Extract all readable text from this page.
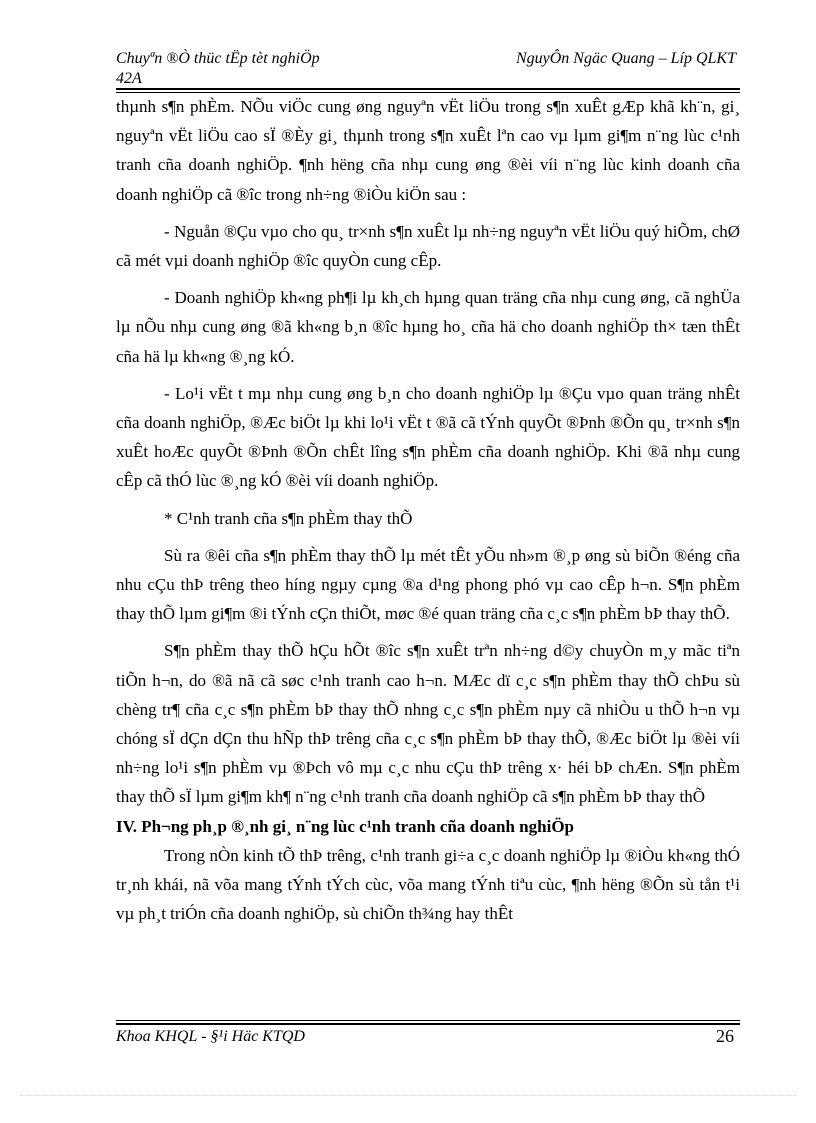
Chuyªn ®Ò thüc tËp tèt nghiÖp	NguyÔn Ngäc Quang – Líp QLKT
42A

thµnh s¶n phÈm. NÕu viÖc cung øng nguyªn vËt liÖu trong s¶n xuÊt gÆp khã kh¨n, gi¸ nguyªn vËt liÖu cao sÏ ®Èy gi¸ thµnh trong s¶n xuÊt lªn cao vµ lµm gi¶m n¨ng lùc c¹nh tranh cña doanh nghiÖp. ¶nh hëng cña nhµ cung øng ®èi víi n¨ng lùc kinh doanh cña doanh nghiÖp cã ®îc trong nh÷ng ®iÒu kiÖn sau :

- Nguån ®Çu vµo cho qu¸ tr×nh s¶n xuÊt lµ nh÷ng nguyªn vËt liÖu quý hiÕm, chØ cã mét vµi doanh nghiÖp ®îc quyÒn cung cÊp.

- Doanh nghiÖp kh«ng ph¶i lµ kh¸ch hµng quan träng cña nhµ cung øng, cã nghÜa lµ nÕu nhµ cung øng ®ã kh«ng b¸n ®îc hµng ho¸ cña hä cho doanh nghiÖp th× tæn thÊt cña hä lµ kh«ng ®¸ng kÓ.

- Lo¹i vËt t mµ nhµ cung øng b¸n cho doanh nghiÖp lµ ®Çu vµo quan träng nhÊt cña doanh nghiÖp, ®Æc biÖt lµ khi lo¹i vËt t ®ã cã tÝnh quyÕt ®Þnh ®Õn qu¸ tr×nh s¶n xuÊt hoÆc quyÕt ®Þnh ®Õn chÊt lîng s¶n phÈm cña doanh nghiÖp. Khi ®ã nhµ cung cÊp cã thÓ lùc ®¸ng kÓ ®èi víi doanh nghiÖp.

* C¹nh tranh cña s¶n phÈm thay thÕ

Sù ra ®êi cña s¶n phÈm thay thÕ lµ mét tÊt yÕu nh»m ®¸p øng sù biÕn ®éng cña nhu cÇu thÞ trêng theo híng ngµy cµng ®a d¹ng phong phó vµ cao cÊp h¬n. S¶n phÈm thay thÕ lµm gi¶m ®i tÝnh cÇn thiÕt, møc ®é quan träng cña c¸c s¶n phÈm bÞ thay thÕ.

S¶n phÈm thay thÕ hÇu hÕt ®îc s¶n xuÊt trªn nh÷ng d©y chuyÒn m¸y mãc tiªn tiÕn h¬n, do ®ã nã cã søc c¹nh tranh cao h¬n. MÆc dï c¸c s¶n phÈm thay thÕ chÞu sù chèng tr¶ cña c¸c s¶n phÈm bÞ thay thÕ nhng c¸c s¶n phÈm nµy cã nhiÒu u thÕ h¬n vµ chóng sÏ dÇn dÇn thu hÑp thÞ trêng cña c¸c s¶n phÈm bÞ thay thÕ, ®Æc biÖt lµ ®èi víi nh÷ng lo¹i s¶n phÈm vµ ®Þch vô mµ c¸c nhu cÇu thÞ trêng x· héi bÞ chÆn. S¶n phÈm thay thÕ sÏ lµm gi¶m kh¶ n¨ng c¹nh tranh cña doanh nghiÖp cã s¶n phÈm bÞ thay thÕ

IV. Ph¬ng ph¸p ®¸nh gi¸ n¨ng lùc c¹nh tranh cña doanh nghiÖp

Trong nÒn kinh tÕ thÞ trêng, c¹nh tranh gi÷a c¸c doanh nghiÖp lµ ®iÒu kh«ng thÓ tr¸nh khái, nã võa mang tÝnh tÝch cùc, võa mang tÝnh tiªu cùc, ¶nh hëng ®Õn sù tån t¹i vµ ph¸t triÓn cña doanh nghiÖp, sù chiÕn th¾ng hay thÊt

Khoa KHQL - §¹i Häc KTQD	26
